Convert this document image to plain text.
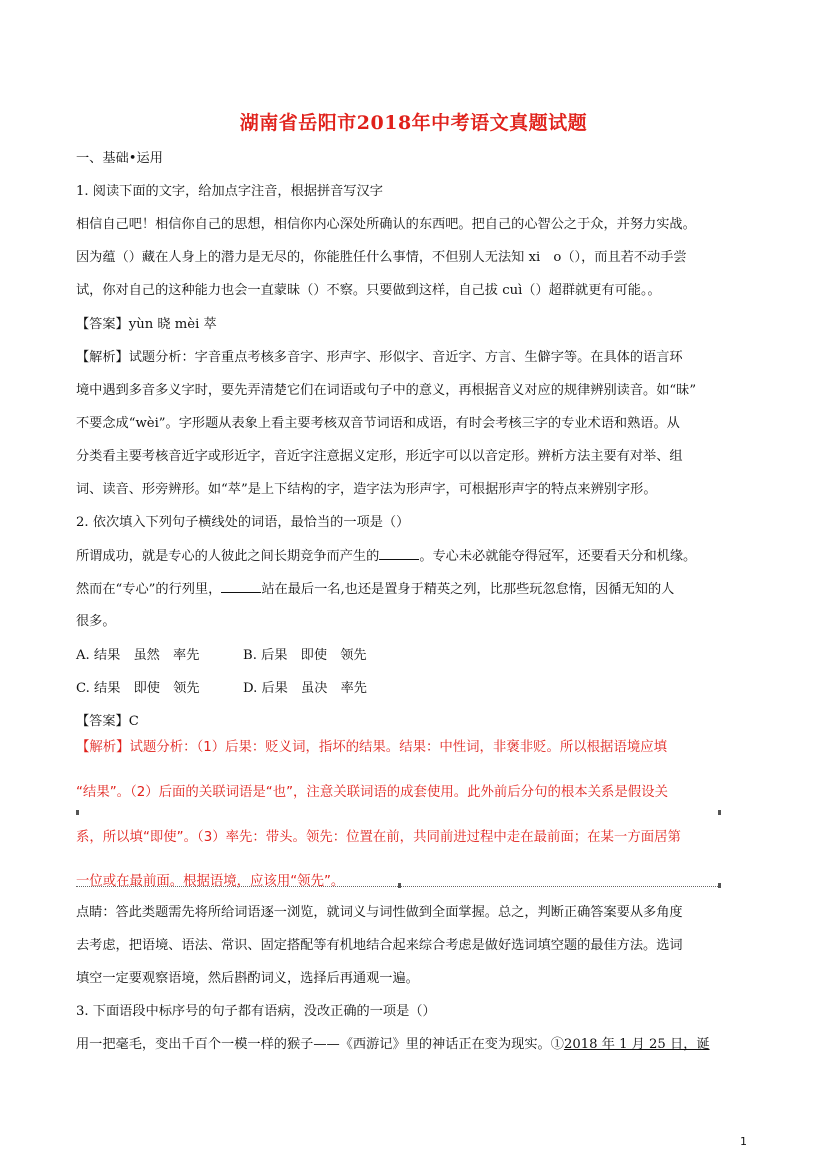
湖南省岳阳市2018年中考语文真题试题
一、基础•运用
1. 阅读下面的文字，给加点字注音，根据拼音写汉字
相信自己吧！相信你自己的思想，相信你内心深处所确认的东西吧。把自己的心智公之于众，并努力实战。
因为蕴（）藏在人身上的潜力是无尽的，你能胜任什么事情，不但别人无法知 xi　o（），而且若不动手尝
试，你对自己的这种能力也会一直蒙昧（）不察。只要做到这样，自己拔 cuì（）超群就更有可能。。
【答案】yùn 晓 mèi 萃
【解析】试题分析：字音重点考核多音字、形声字、形似字、音近字、方言、生僻字等。在具体的语言环
境中遇到多音多义字时，要先弄清楚它们在词语或句子中的意义，再根据音义对应的规律辨别读音。如“昧”
不要念成“wèi”。字形题从表象上看主要考核双音节词语和成语，有时会考核三字的专业术语和熟语。从
分类看主要考核音近字或形近字，音近字注意据义定形，形近字可以以音定形。辨析方法主要有对举、组
词、读音、形旁辨形。如“萃”是上下结构的字，造字法为形声字，可根据形声字的特点来辨别字形。
2. 依次填入下列句子横线处的词语，最恰当的一项是（）
所谓成功，就是专心的人彼此之间长期竞争而产生的	。专心未必就能夺得冠军，还要看天分和机缘。
然而在“专心”的行列里，	站在最后一名,也还是置身于精英之列，比那些玩忽怠惰，因循无知的人
很多。
A. 结果　虽然　率先	B. 后果　即使　领先
C. 结果　即使　领先	D. 后果　虽决　率先
【答案】C
【解析】试题分析：（1）后果：贬义词，指坏的结果。结果：中性词，非褒非贬。所以根据语境应填
“结果”。（2）后面的关联词语是“也”，注意关联词语的成套使用。此外前后分句的根本关系是假设关
系，所以填“即使”。（3）率先：带头。领先：位置在前，共同前进过程中走在最前面；在某一方面居第
一位或在最前面。根据语境，应该用“领先”。
点睛：答此类题需先将所给词语逐一浏览，就词义与词性做到全面掌握。总之，判断正确答案要从多角度
去考虑，把语境、语法、常识、固定搭配等有机地结合起来综合考虑是做好选词填空题的最佳方法。选词
填空一定要观察语境，然后斟酌词义，选择后再通观一遍。
3. 下面语段中标序号的句子都有语病，没改正确的一项是（）
用一把毫毛，变出千百个一模一样的猴子——《西游记》里的神话正在变为现实。①2018 年 1 月 25 日，诞
1
